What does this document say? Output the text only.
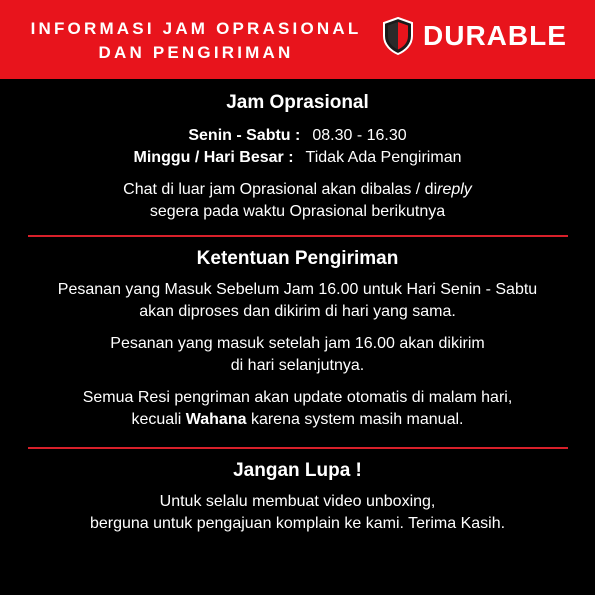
INFORMASI JAM OPRASIONAL
DAN PENGIRIMAN
DURABLE
Jam Oprasional
Senin - Sabtu : 08.30 - 16.30
Minggu / Hari Besar : Tidak Ada Pengiriman
Chat di luar jam Oprasional akan dibalas / direply
segera pada waktu Oprasional berikutnya
Ketentuan Pengiriman
Pesanan yang Masuk Sebelum Jam 16.00 untuk Hari Senin - Sabtu
akan diproses dan dikirim di hari yang sama.
Pesanan yang masuk setelah jam 16.00 akan dikirim
di hari selanjutnya.
Semua Resi pengriman akan update otomatis di malam hari,
kecuali Wahana karena system masih manual.
Jangan Lupa !
Untuk selalu membuat video unboxing,
berguna untuk pengajuan komplain ke kami. Terima Kasih.
